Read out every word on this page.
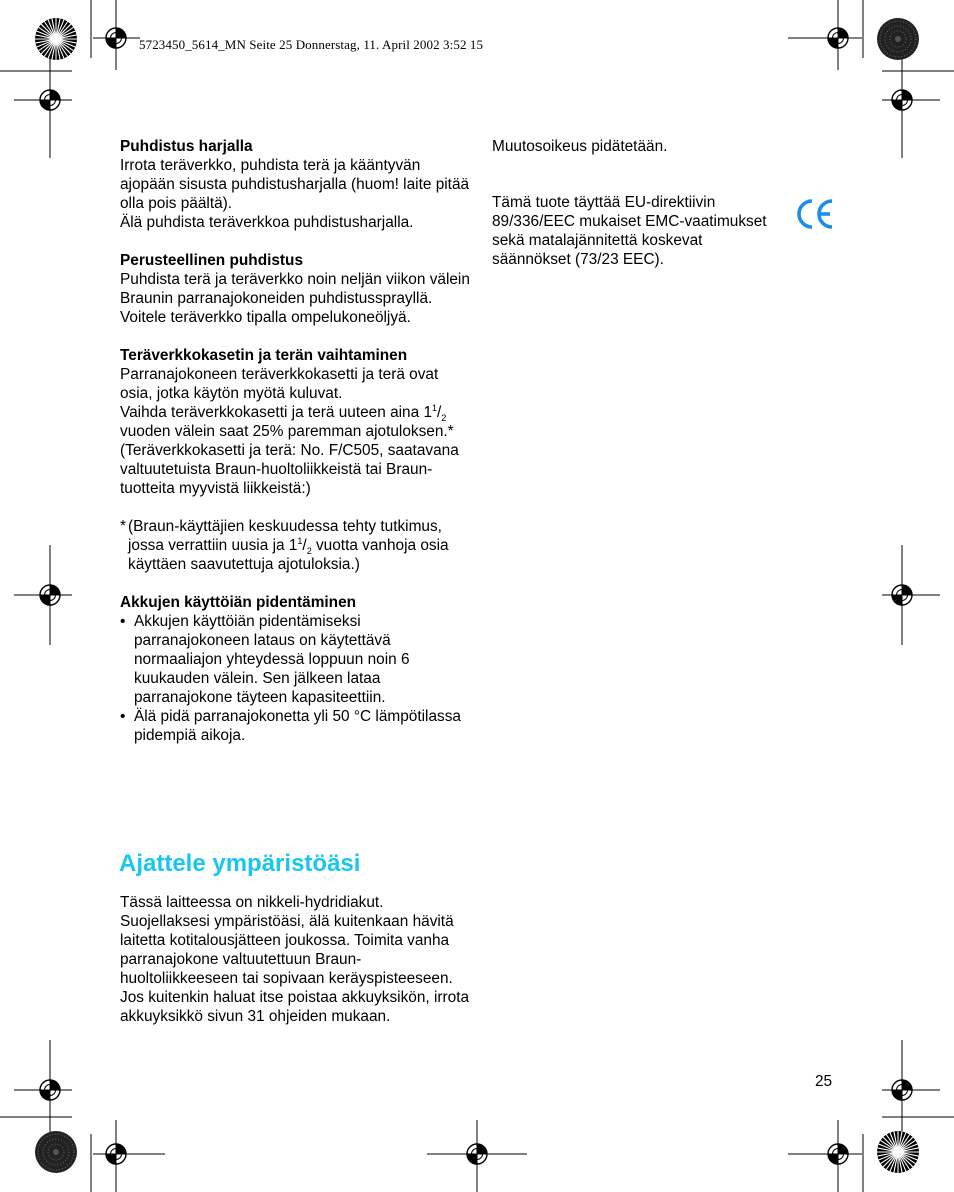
5723450_5614_MN Seite 25 Donnerstag, 11. April 2002 3:52 15
Puhdistus harjalla

Irrota teräverkko, puhdista terä ja kääntyvän ajopään sisusta puhdistusharjalla (huom! laite pitää olla pois päältä).

Älä puhdista teräverkkoa puhdistusharjalla.

Perusteellinen puhdistus

Puhdista terä ja teräverkko noin neljän viikon välein Braunin parranajokoneiden puhdistussprayllä. Voitele teräverkko tipalla ompelukoneöljyä.

Teräverkkokasetin ja terän vaihtaminen

Parranajokoneen teräverkkokasetti ja terä ovat osia, jotka käytön myötä kuluvat.

Vaihda teräverkkokasetti ja terä uuteen aina $1^1/_2$ vuoden välein saat 25% paremman ajotuloksen.*

(Teräverkkokasetti ja terä: No. F/C505, saatavana valtuutetuista Braun-huoltoliikkeistä tai Braun-tuotteita myyvistä liikkeistä:)

* (Braun-käyttäjien keskuudessa tehty tutkimus, jossa verrattiin uusia ja $1^1/_2$ vuotta vanhoja osia käyttäen saavutettuja ajotuloksia.)

Akkujen käyttöiän pidentäminen
• Akkujen käyttöiän pidentämiseksi parranajokoneen lataus on käytettävä normaaliajon yhteydessä loppuun noin 6 kuukauden välein. Sen jälkeen lataa parranajokone täyteen kapasiteettiin.
• Älä pidä parranajokonetta yli 50 °C lämpötilassa pidempiä aikoja.
Ajattele ympäristöäsi
Tässä laitteessa on nikkeli-hydridiakut. Suojellaksesi ympäristöäsi, älä kuitenkaan hävitä laitetta kotitalousjätteen joukossa. Toimita vanha parranajokone valtuutettuun Braun-huoltoliikkeeseen tai sopivaan keräyspisteeseen. Jos kuitenkin haluat itse poistaa akkuyksikön, irrota akkuyksikkö sivun 31 ohjeiden mukaan.

Muutosoikeus pidätetään.

Tämä tuote täyttää EU-direktiivin 89/336/EEC mukaiset EMC-vaatimukset sekä matalajännitettä koskevat säännökset (73/23 EEC).

25
